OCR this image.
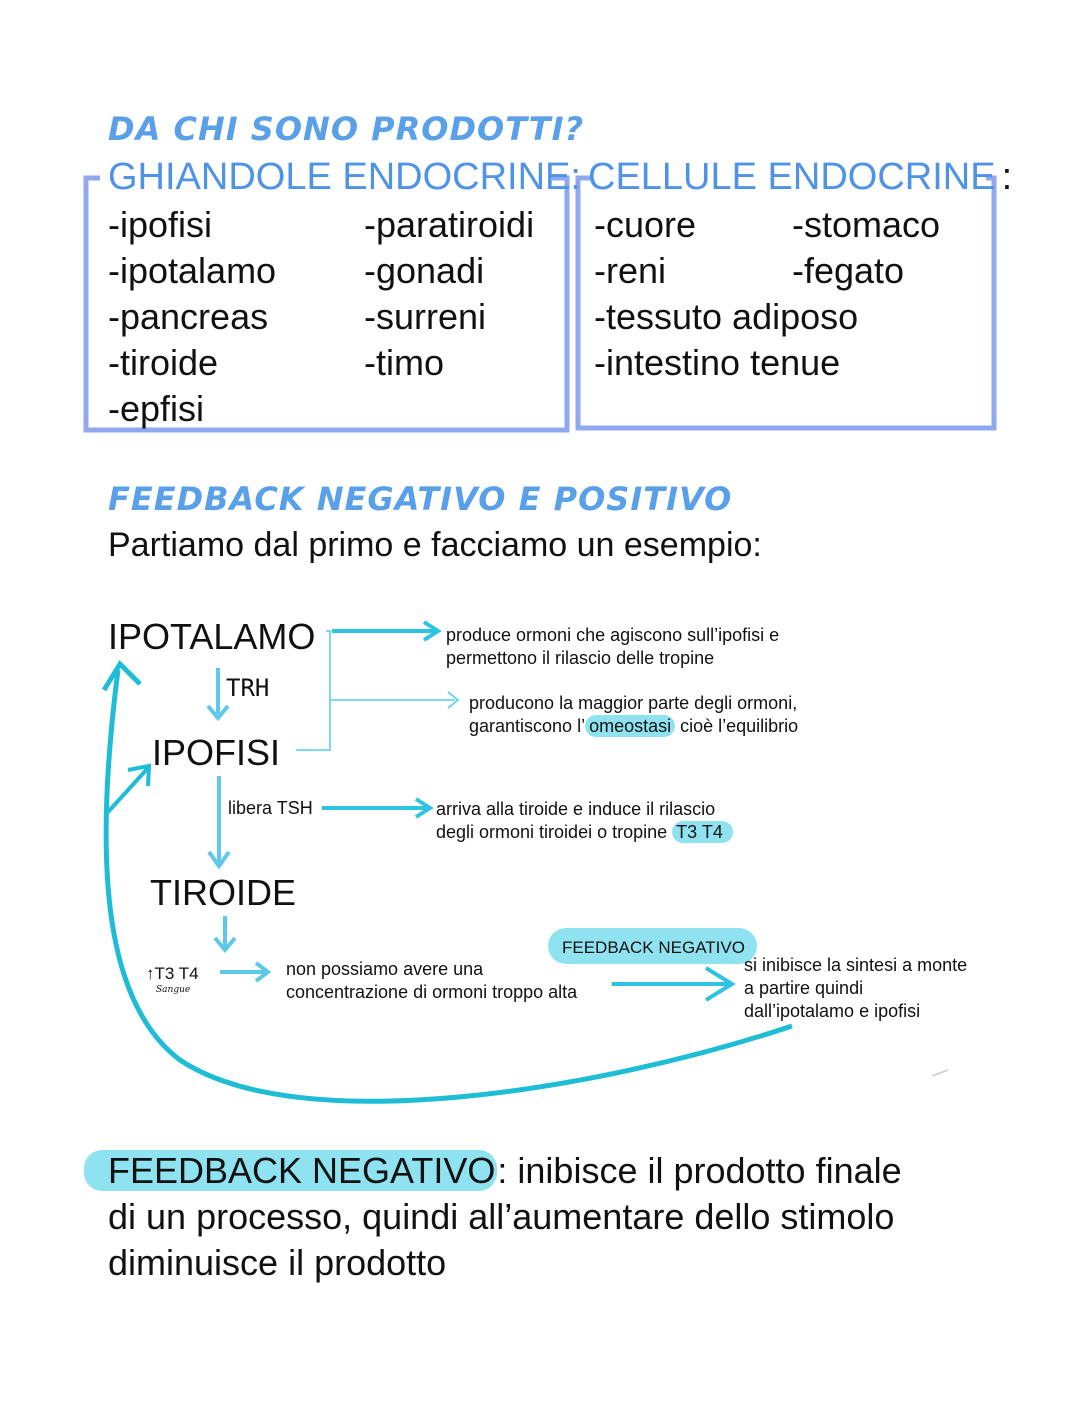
DA CHI SONO PRODOTTI?
GHIANDOLE ENDOCRINE:
-ipofisi
-ipotalamo
-pancreas
-tiroide
-epfisi
-paratiroidi
-gonadi
-surreni
-timo
CELLULE ENDOCRINE :
-cuore	-stomaco
-reni	-fegato
-tessuto adiposo
-intestino tenue
FEEDBACK NEGATIVO E POSITIVO
Partiamo dal primo e facciamo un esempio:
IPOTALAMO
TRH
IPOFISI
libera TSH
TIROIDE
↑T3 T4
Sangue
produce ormoni che agiscono sull’ipofisi e
permettono il rilascio delle tropine
producono la maggior parte degli ormoni,
garantiscono l’ omeostasi cioè l’equilibrio
arriva alla tiroide e induce il rilascio
degli ormoni tiroidei o tropine T3 T4
non possiamo avere una
concentrazione di ormoni troppo alta
FEEDBACK NEGATIVO
si inibisce la sintesi a monte
a partire quindi
dall’ipotalamo e ipofisi
FEEDBACK NEGATIVO: inibisce il prodotto finale
di un processo, quindi all’aumentare dello stimolo
diminuisce il prodotto
